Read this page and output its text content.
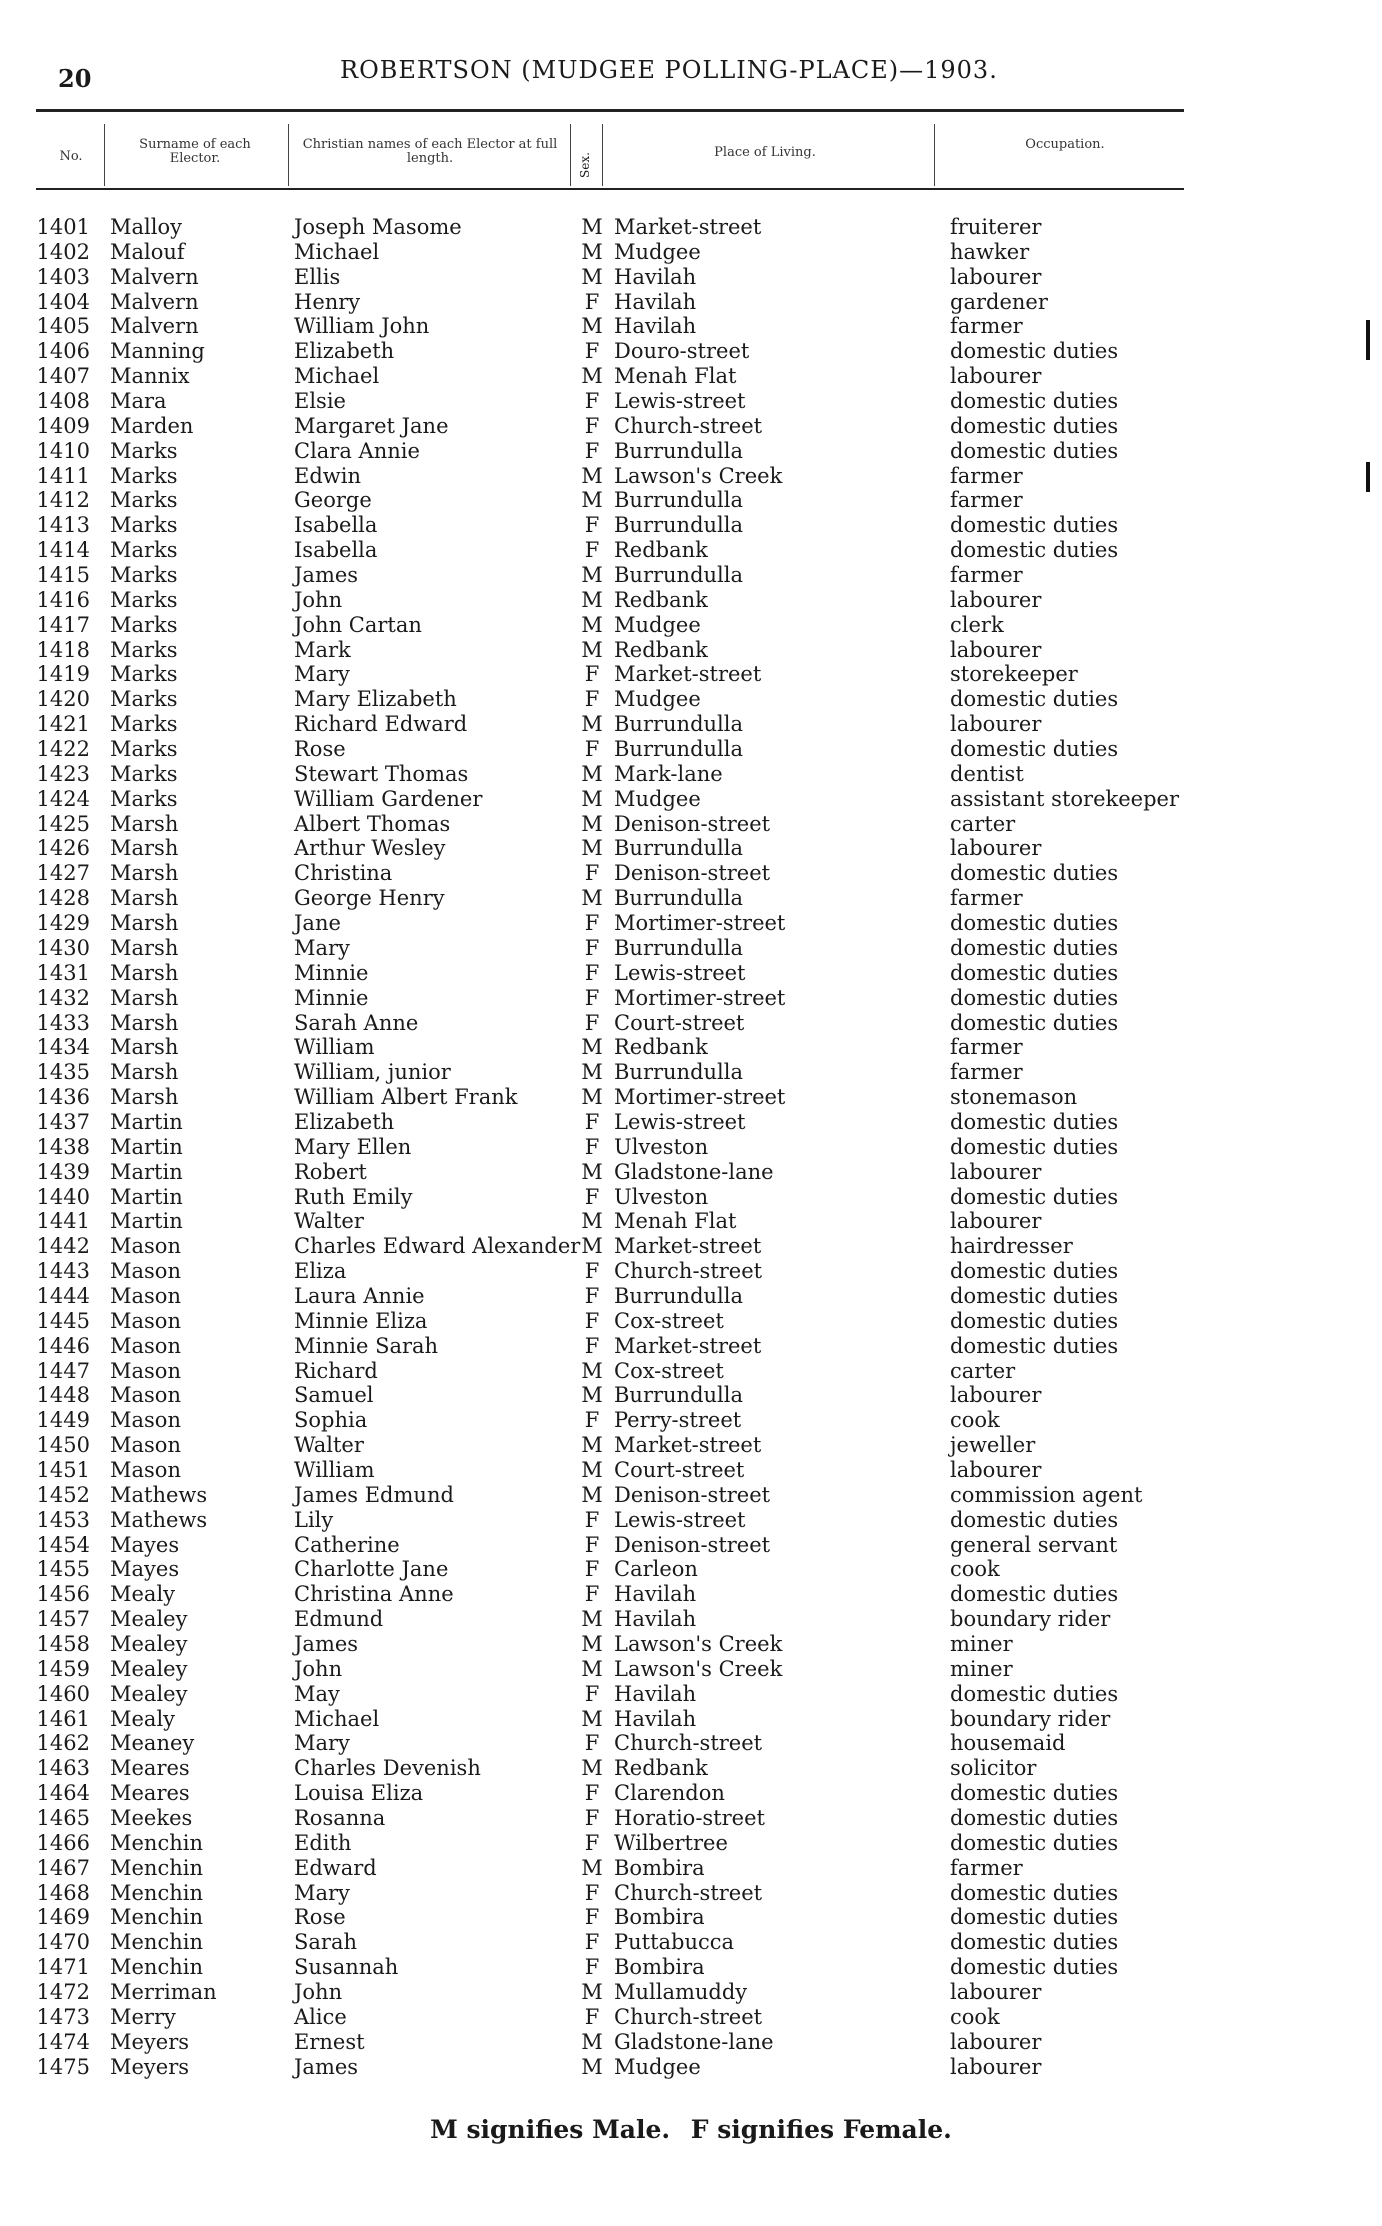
20	ROBERTSON (MUDGEE POLLING-PLACE)—1903.
No.
Surname of each Elector.
Christian names of each Elector at full length.	Sex.	Place of Living.
Occupation.
1401 Malloy	Joseph Masome	M Market-street	fruiterer
1402 Malouf	Michael	M Mudgee	hawker
1403 Malvern	Ellis	M Havilah	labourer
1404 Malvern	Henry	F Havilah	gardener
1405 Malvern	William John	M Havilah	farmer
1406 Manning	Elizabeth	F Douro-street	domestic duties
1407 Mannix	Michael	M Menah Flat	labourer
1408 Mara	Elsie	F Lewis-street	domestic duties
1409 Marden	Margaret Jane	F Church-street	domestic duties
1410 Marks	Clara Annie	F Burrundulla	domestic duties
1411 Marks	Edwin	M Lawson's Creek	farmer
1412 Marks	George	M Burrundulla	farmer
1413 Marks	Isabella	F Burrundulla	domestic duties
1414 Marks	Isabella	F Redbank	domestic duties
1415 Marks	James	M Burrundulla	farmer
1416 Marks	John	M Redbank	labourer
1417 Marks	John Cartan	M Mudgee	clerk
1418 Marks	Mark	M Redbank	labourer
1419 Marks	Mary	F Market-street	storekeeper
1420 Marks	Mary Elizabeth	F Mudgee	domestic duties
1421 Marks	Richard Edward	M Burrundulla	labourer
1422 Marks	Rose	F Burrundulla	domestic duties
1423 Marks	Stewart Thomas	M Mark-lane	dentist
1424 Marks	William Gardener	M Mudgee	assistant storekeeper
1425 Marsh	Albert Thomas	M Denison-street	carter
1426 Marsh	Arthur Wesley	M Burrundulla	labourer
1427 Marsh	Christina	F Denison-street	domestic duties
1428 Marsh	George Henry	M Burrundulla	farmer
1429 Marsh	Jane	F Mortimer-street	domestic duties
1430 Marsh	Mary	F Burrundulla	domestic duties
1431 Marsh	Minnie	F Lewis-street	domestic duties
1432 Marsh	Minnie	F Mortimer-street	domestic duties
1433 Marsh	Sarah Anne	F Court-street	domestic duties
1434 Marsh	William	M Redbank	farmer
1435 Marsh	William, junior	M Burrundulla	farmer
1436 Marsh	William Albert Frank	M Mortimer-street	stonemason
1437 Martin	Elizabeth	F Lewis-street	domestic duties
1438 Martin	Mary Ellen	F Ulveston	domestic duties
1439 Martin	Robert	M Gladstone-lane	labourer
1440 Martin	Ruth Emily	F Ulveston	domestic duties
1441 Martin	Walter	M Menah Flat	labourer
1442 Mason	Charles Edward Alexander M Market-street	hairdresser
1443 Mason	Eliza	F Church-street	domestic duties
1444 Mason	Laura Annie	F Burrundulla	domestic duties
1445 Mason	Minnie Eliza	F Cox-street	domestic duties
1446 Mason	Minnie Sarah	F Market-street	domestic duties
1447 Mason	Richard	M Cox-street	carter
1448 Mason	Samuel	M Burrundulla	labourer
1449 Mason	Sophia	F Perry-street	cook
1450 Mason	Walter	M Market-street	jeweller
1451 Mason	William	M Court-street	labourer
1452 Mathews	James Edmund	M Denison-street	commission agent
1453 Mathews	Lily	F Lewis-street	domestic duties
1454 Mayes	Catherine	F Denison-street	general servant
1455 Mayes	Charlotte Jane	F Carleon	cook
1456 Mealy	Christina Anne	F Havilah	domestic duties
1457 Mealey	Edmund	M Havilah	boundary rider
1458 Mealey	James	M Lawson's Creek	miner
1459 Mealey	John	M Lawson's Creek	miner
1460 Mealey	May	F Havilah	domestic duties
1461 Mealy	Michael	M Havilah	boundary rider
1462 Meaney	Mary	F Church-street	housemaid
1463 Meares	Charles Devenish	M Redbank	solicitor
1464 Meares	Louisa Eliza	F Clarendon	domestic duties
1465 Meekes	Rosanna	F Horatio-street	domestic duties
1466 Menchin	Edith	F Wilbertree	domestic duties
1467 Menchin	Edward	M Bombira	farmer
1468 Menchin	Mary	F Church-street	domestic duties
1469 Menchin	Rose	F Bombira	domestic duties
1470 Menchin	Sarah	F Puttabucca	domestic duties
1471 Menchin	Susannah	F Bombira	domestic duties
1472 Merriman	John	M Mullamuddy	labourer
1473 Merry	Alice	F Church-street	cook
1474 Meyers	Ernest	M Gladstone-lane	labourer
1475 Meyers	James	M Mudgee	labourer
M signifies Male. F signifies Female.
